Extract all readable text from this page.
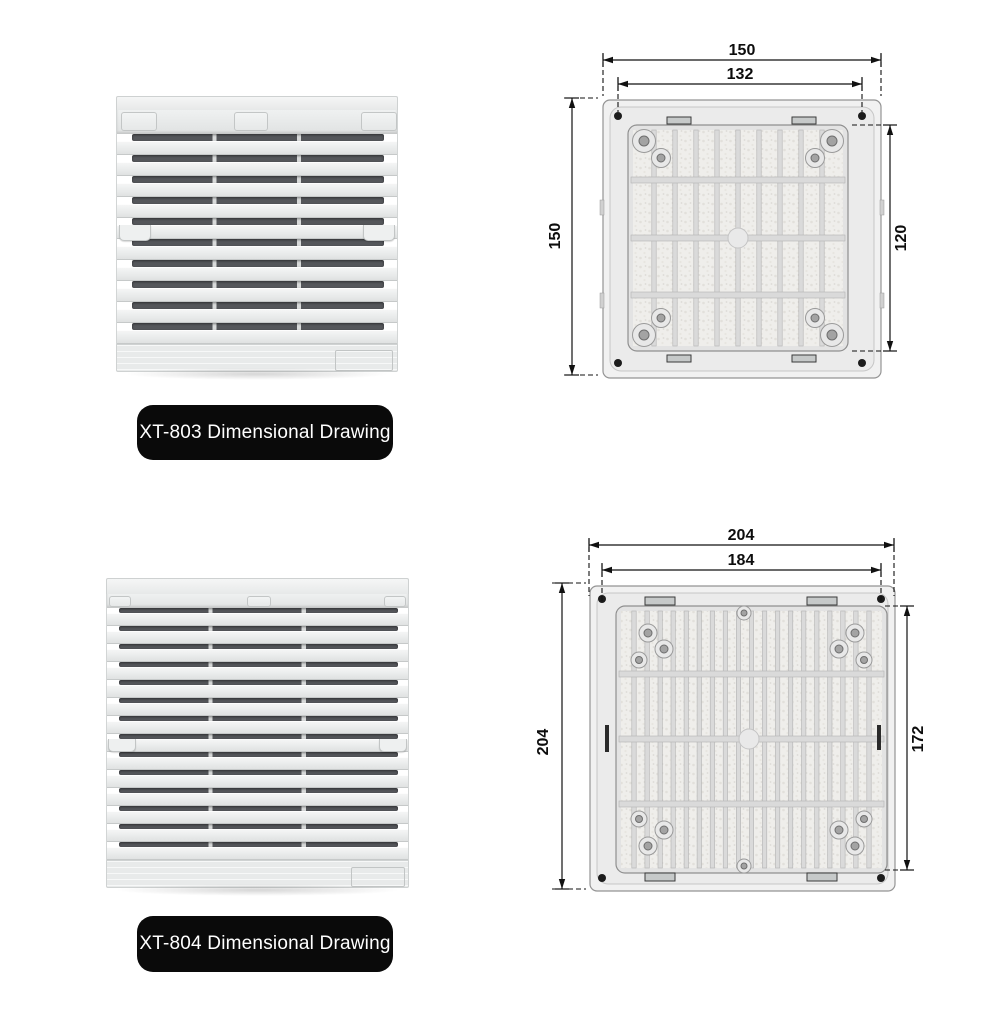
XT-803 Dimensional Drawing
150
132
150	120
XT-804 Dimensional Drawing
204
184
204	172
